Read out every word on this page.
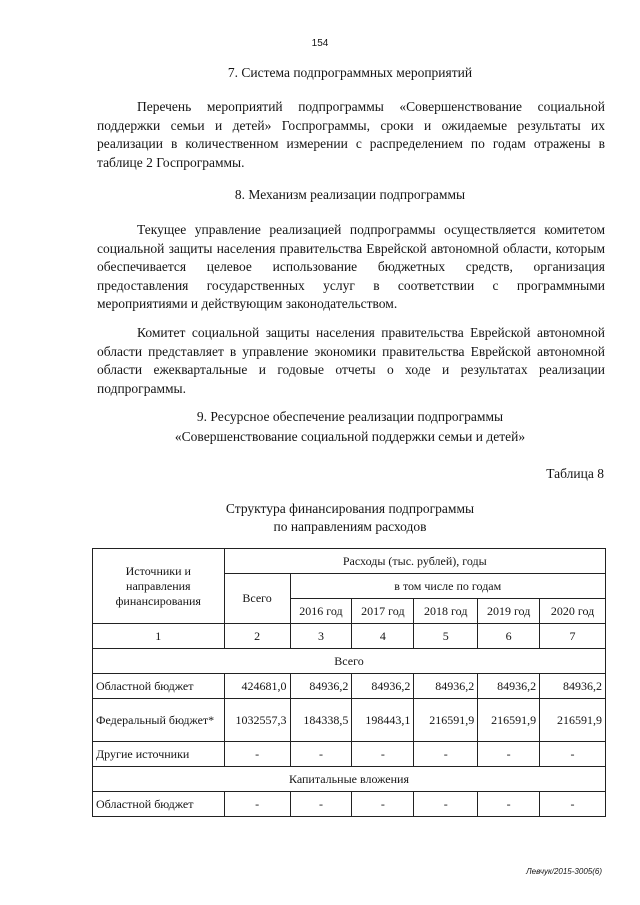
154
7. Система подпрограммных мероприятий

Перечень мероприятий подпрограммы «Совершенствование социальной поддержки семьи и детей» Госпрограммы, сроки и ожидаемые результаты их реализации в количественном измерении с распределением по годам отражены в таблице 2 Госпрограммы.

8. Механизм реализации подпрограммы

Текущее управление реализацией подпрограммы осуществляется комитетом социальной защиты населения правительства Еврейской автономной области, которым обеспечивается целевое использование бюджетных средств, организация предоставления государственных услуг в соответствии с программными мероприятиями и действующим законодательством.

Комитет социальной защиты населения правительства Еврейской автономной области представляет в управление экономики правительства Еврейской автономной области ежеквартальные и годовые отчеты о ходе и результатах реализации подпрограммы.

9. Ресурсное обеспечение реализации подпрограммы
«Совершенствование социальной поддержки семьи и детей»
Таблица 8
Структура финансирования подпрограммы
по направлениям расходов
Источники и направления финансирования	Расходы (тыс. рублей), годы					
	Всего	в том числе по годам				
		2016 год	2017 год	2018 год	2019 год	2020 год
1	2	3	4	5	6	7
Всего						
Областной бюджет	424681,0	84936,2	84936,2	84936,2	84936,2	84936,2
Федеральный бюджет*	1032557,3	184338,5	198443,1	216591,9	216591,9	216591,9
Другие источники	-	-	-	-	-	-
Капитальные вложения						
Областной бюджет	-	-	-	-	-	-
Левчук/2015-3005(6)
